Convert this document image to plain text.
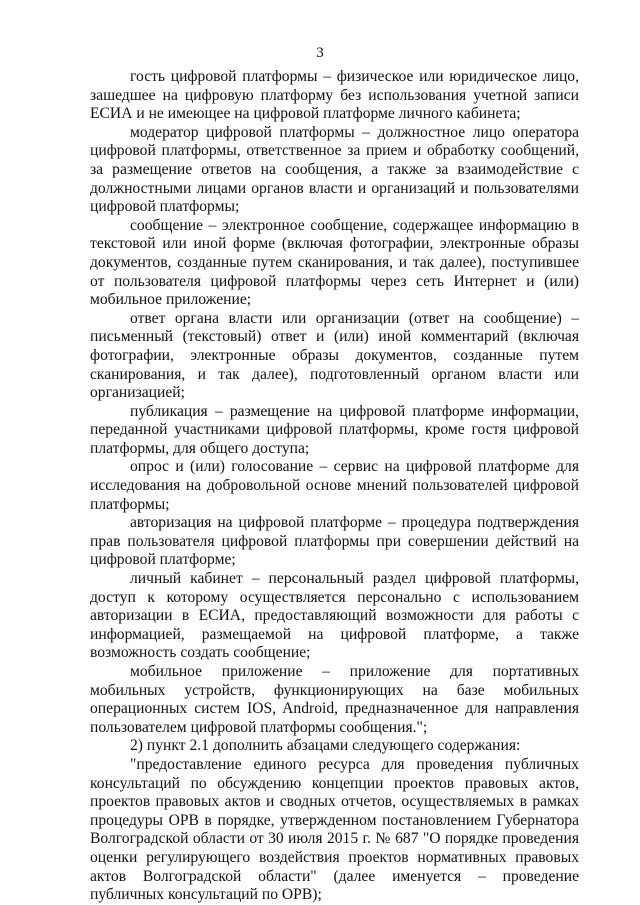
3

гость цифровой платформы – физическое или юридическое лицо, зашедшее на цифровую платформу без использования учетной записи ЕСИА и не имеющее на цифровой платформе личного кабинета;

модератор цифровой платформы – должностное лицо оператора цифровой платформы, ответственное за прием и обработку сообщений, за размещение ответов на сообщения, а также за взаимодействие с должностными лицами органов власти и организаций и пользователями цифровой платформы;

сообщение – электронное сообщение, содержащее информацию в текстовой или иной форме (включая фотографии, электронные образы документов, созданные путем сканирования, и так далее), поступившее от пользователя цифровой платформы через сеть Интернет и (или) мобильное приложение;

ответ органа власти или организации (ответ на сообщение) – письменный (текстовый) ответ и (или) иной комментарий (включая фотографии, электронные образы документов, созданные путем сканирования, и так далее), подготовленный органом власти или организацией;

публикация – размещение на цифровой платформе информации, переданной участниками цифровой платформы, кроме гостя цифровой платформы, для общего доступа;

опрос и (или) голосование – сервис на цифровой платформе для исследования на добровольной основе мнений пользователей цифровой платформы;

авторизация на цифровой платформе – процедура подтверждения прав пользователя цифровой платформы при совершении действий на цифровой платформе;

личный кабинет – персональный раздел цифровой платформы, доступ к которому осуществляется персонально с использованием авторизации в ЕСИА, предоставляющий возможности для работы с информацией, размещаемой на цифровой платформе, а также возможность создать сообщение;

мобильное приложение – приложение для портативных мобильных устройств, функционирующих на базе мобильных операционных систем IOS, Android, предназначенное для направления пользователем цифровой платформы сообщения.";

2) пункт 2.1 дополнить абзацами следующего содержания:

"предоставление единого ресурса для проведения публичных консультаций по обсуждению концепции проектов правовых актов, проектов правовых актов и сводных отчетов, осуществляемых в рамках процедуры ОРВ в порядке, утвержденном постановлением Губернатора Волгоградской области от 30 июля 2015 г. № 687 "О порядке проведения оценки регулирующего воздействия проектов нормативных правовых актов Волгоградской области" (далее именуется – проведение публичных консультаций по ОРВ);
